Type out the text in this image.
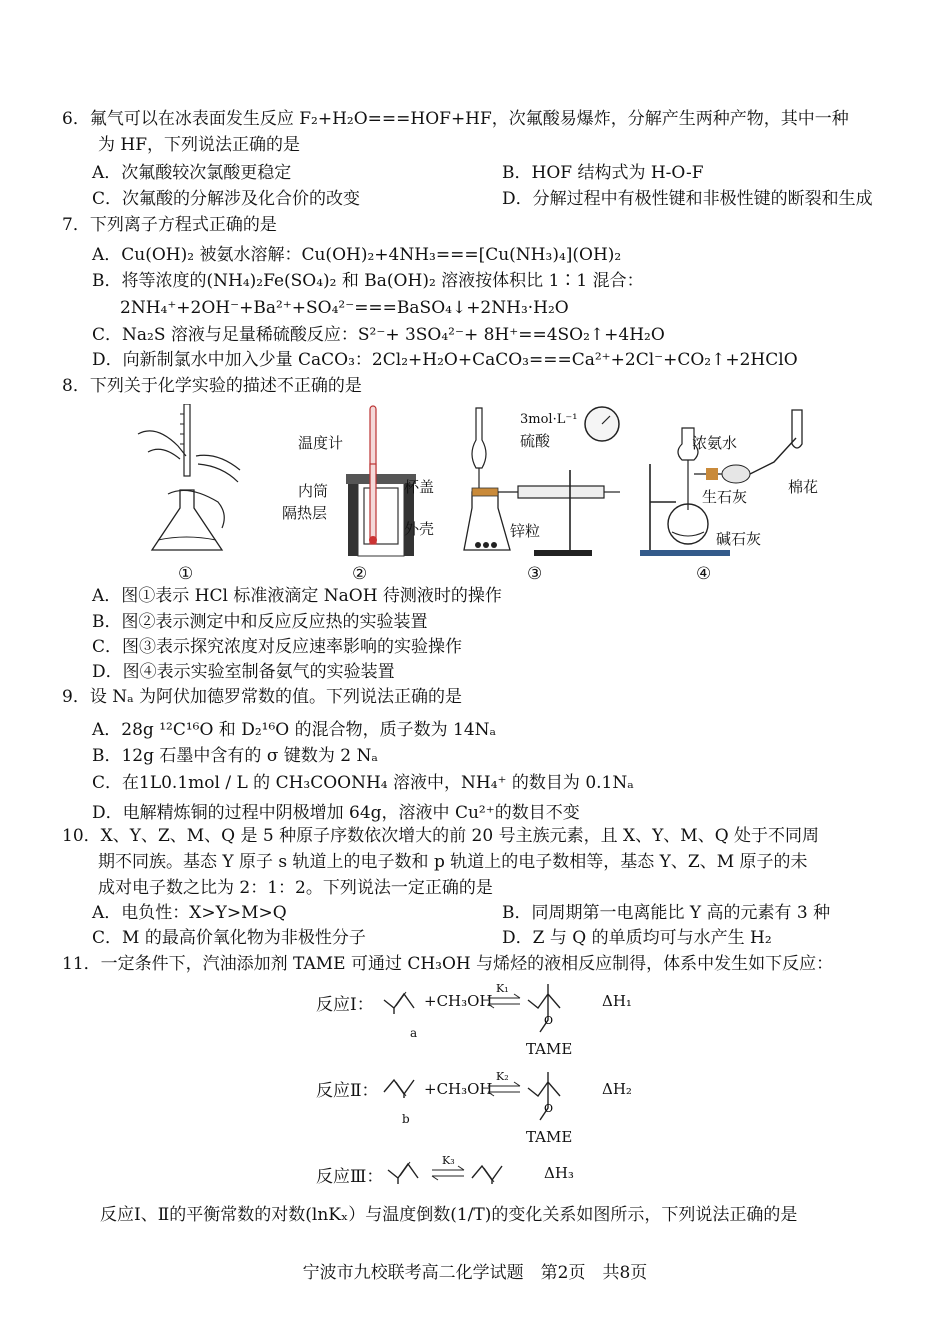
6．氟气可以在冰表面发生反应 F₂+H₂O===HOF+HF，次氟酸易爆炸，分解产生两种产物，其中一种
为 HF，下列说法正确的是
A．次氟酸较次氯酸更稳定	B．HOF 结构式为 H-O-F
C．次氟酸的分解涉及化合价的改变	D．分解过程中有极性键和非极性键的断裂和生成
7．下列离子方程式正确的是
A．Cu(OH)₂ 被氨水溶解：Cu(OH)₂+4NH₃===[Cu(NH₃)₄](OH)₂
B．将等浓度的(NH₄)₂Fe(SO₄)₂ 和 Ba(OH)₂ 溶液按体积比 1∶1 混合：
2NH₄⁺+2OH⁻+Ba²⁺+SO₄²⁻===BaSO₄↓+2NH₃·H₂O
C．Na₂S 溶液与足量稀硫酸反应：S²⁻+ 3SO₄²⁻+ 8H⁺==4SO₂↑+4H₂O
D．向新制氯水中加入少量 CaCO₃：2Cl₂+H₂O+CaCO₃===Ca²⁺+2Cl⁻+CO₂↑+2HClO
8．下列关于化学实验的描述不正确的是
①
温度计
内筒
隔热层
杯盖
外壳
②
3mol·L⁻¹
硫酸
锌粒
③
浓氨水
生石灰
棉花
碱石灰
④
A．图①表示 HCl 标准液滴定 NaOH 待测液时的操作
B．图②表示测定中和反应反应热的实验装置
C．图③表示探究浓度对反应速率影响的实验操作
D．图④表示实验室制备氨气的实验装置
9．设 Nₐ 为阿伏加德罗常数的值。下列说法正确的是
A．28g ¹²C¹⁶O 和 D₂¹⁶O 的混合物，质子数为 14Nₐ
B．12g 石墨中含有的 σ 键数为 2 Nₐ
C．在1L0.1mol / L 的 CH₃COONH₄ 溶液中，NH₄⁺ 的数目为 0.1Nₐ
D．电解精炼铜的过程中阴极增加 64g，溶液中 Cu²⁺的数目不变
10．X、Y、Z、M、Q 是 5 种原子序数依次增大的前 20 号主族元素，且 X、Y、M、Q 处于不同周
期不同族。基态 Y 原子 s 轨道上的电子数和 p 轨道上的电子数相等，基态 Y、Z、M 原子的未
成对电子数之比为 2：1：2。下列说法一定正确的是
A．电负性：X>Y>M>Q	B．同周期第一电离能比 Y 高的元素有 3 种
C．M 的最高价氧化物为非极性分子	D．Z 与 Q 的单质均可与水产生 H₂
11．一定条件下，汽油添加剂 TAME 可通过 CH₃OH 与烯烃的液相反应制得，体系中发生如下反应：
反应Ⅰ：	+CH₃OH
a
K₁
O
TAME
ΔH₁
反应Ⅱ：	+CH₃OH
b
K₂
O
TAME
ΔH₂
反应Ⅲ：
K₃
ΔH₃
反应Ⅰ、Ⅱ的平衡常数的对数(lnKₓ）与温度倒数(1/T)的变化关系如图所示，下列说法正确的是
宁波市九校联考高二化学试题　第2页　共8页
